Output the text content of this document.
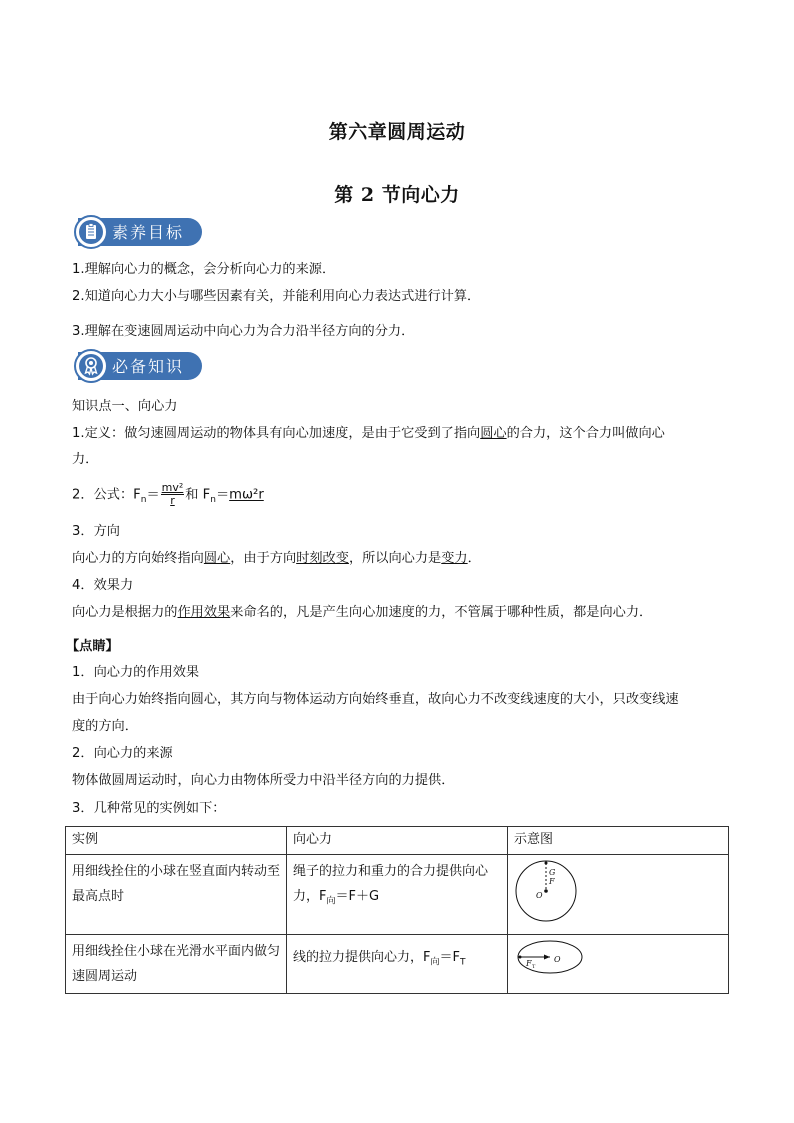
第六章圆周运动
第 2 节向心力
素养目标
1.理解向心力的概念，会分析向心力的来源．
2.知道向心力大小与哪些因素有关，并能利用向心力表达式进行计算．
3.理解在变速圆周运动中向心力为合力沿半径方向的分力．
必备知识
知识点一、向心力
1.定义：做匀速圆周运动的物体具有向心加速度，是由于它受到了指向圆心的合力，这个合力叫做向心
力．
2．公式：$F_n= \frac{\text{mv²}}{r}$ 和 $F_n=m\omega^2r$
3．方向
向心力的方向始终指向圆心，由于方向时刻改变，所以向心力是变力．
4．效果力
向心力是根据力的作用效果来命名的，凡是产生向心加速度的力，不管属于哪种性质，都是向心力．
【点睛】
1．向心力的作用效果
由于向心力始终指向圆心，其方向与物体运动方向始终垂直，故向心力不改变线速度的大小，只改变线速
度的方向．
2．向心力的来源
物体做圆周运动时，向心力由物体所受力中沿半径方向的力提供．
3．几种常见的实例如下：
实例	向心力	示意图
用细线拴住的小球在竖直面内转动至最高点时	绳子的拉力和重力的合力提供向心力，$F_向=F+G$	G
F
O

用细线拴住小球在光滑水平面内做匀速圆周运动	线的拉力提供向心力，$F_向=F_T$	F T
O
